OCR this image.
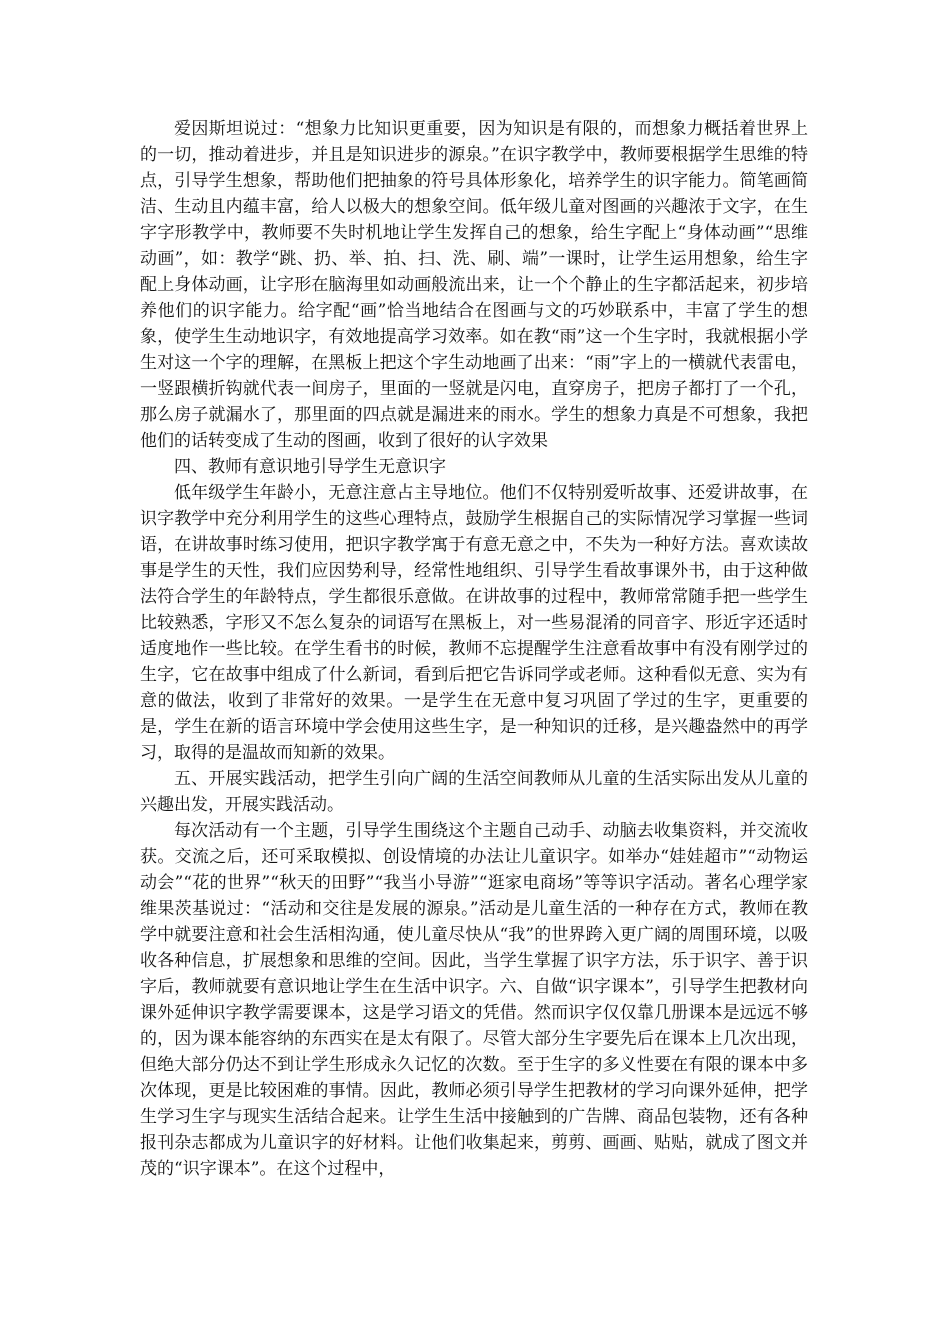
爱因斯坦说过：“想象力比知识更重要，因为知识是有限的，而想象力概括着世界上的一切，推动着进步，并且是知识进步的源泉。”在识字教学中，教师要根据学生思维的特点，引导学生想象，帮助他们把抽象的符号具体形象化，培养学生的识字能力。简笔画简洁、生动且内蕴丰富，给人以极大的想象空间。低年级儿童对图画的兴趣浓于文字，在生字字形教学中，教师要不失时机地让学生发挥自己的想象，给生字配上“身体动画”“思维动画”，如：教学“跳、扔、举、拍、扫、洗、刷、端”一课时，让学生运用想象，给生字配上身体动画，让字形在脑海里如动画般流出来，让一个个静止的生字都活起来，初步培养他们的识字能力。给字配“画”恰当地结合在图画与文的巧妙联系中，丰富了学生的想象，使学生生动地识字，有效地提高学习效率。如在教“雨”这一个生字时，我就根据小学生对这一个字的理解，在黑板上把这个字生动地画了出来：“雨”字上的一横就代表雷电，一竖跟横折钩就代表一间房子，里面的一竖就是闪电，直穿房子，把房子都打了一个孔，那么房子就漏水了，那里面的四点就是漏进来的雨水。学生的想象力真是不可想象，我把他们的话转变成了生动的图画，收到了很好的认字效果

四、教师有意识地引导学生无意识字

低年级学生年龄小，无意注意占主导地位。他们不仅特别爱听故事、还爱讲故事，在识字教学中充分利用学生的这些心理特点，鼓励学生根据自己的实际情况学习掌握一些词语，在讲故事时练习使用，把识字教学寓于有意无意之中，不失为一种好方法。喜欢读故事是学生的天性，我们应因势利导，经常性地组织、引导学生看故事课外书，由于这种做法符合学生的年龄特点，学生都很乐意做。在讲故事的过程中，教师常常随手把一些学生比较熟悉，字形又不怎么复杂的词语写在黑板上，对一些易混淆的同音字、形近字还适时适度地作一些比较。在学生看书的时候，教师不忘提醒学生注意看故事中有没有刚学过的生字，它在故事中组成了什么新词，看到后把它告诉同学或老师。这种看似无意、实为有意的做法，收到了非常好的效果。一是学生在无意中复习巩固了学过的生字，更重要的是，学生在新的语言环境中学会使用这些生字，是一种知识的迁移，是兴趣盎然中的再学习，取得的是温故而知新的效果。

五、开展实践活动，把学生引向广阔的生活空间教师从儿童的生活实际出发从儿童的兴趣出发，开展实践活动。

每次活动有一个主题，引导学生围绕这个主题自己动手、动脑去收集资料，并交流收获。交流之后，还可采取模拟、创设情境的办法让儿童识字。如举办“娃娃超市”“动物运动会”“花的世界”“秋天的田野”“我当小导游”“逛家电商场”等等识字活动。著名心理学家维果茨基说过：“活动和交往是发展的源泉。”活动是儿童生活的一种存在方式，教师在教学中就要注意和社会生活相沟通，使儿童尽快从“我”的世界跨入更广阔的周围环境，以吸收各种信息，扩展想象和思维的空间。因此，当学生掌握了识字方法，乐于识字、善于识字后，教师就要有意识地让学生在生活中识字。六、自做“识字课本”，引导学生把教材向课外延伸识字教学需要课本，这是学习语文的凭借。然而识字仅仅靠几册课本是远远不够的，因为课本能容纳的东西实在是太有限了。尽管大部分生字要先后在课本上几次出现，但绝大部分仍达不到让学生形成永久记忆的次数。至于生字的多义性要在有限的课本中多次体现，更是比较困难的事情。因此，教师必须引导学生把教材的学习向课外延伸，把学生学习生字与现实生活结合起来。让学生生活中接触到的广告牌、商品包装物，还有各种报刊杂志都成为儿童识字的好材料。让他们收集起来，剪剪、画画、贴贴，就成了图文并茂的“识字课本”。在这个过程中，
